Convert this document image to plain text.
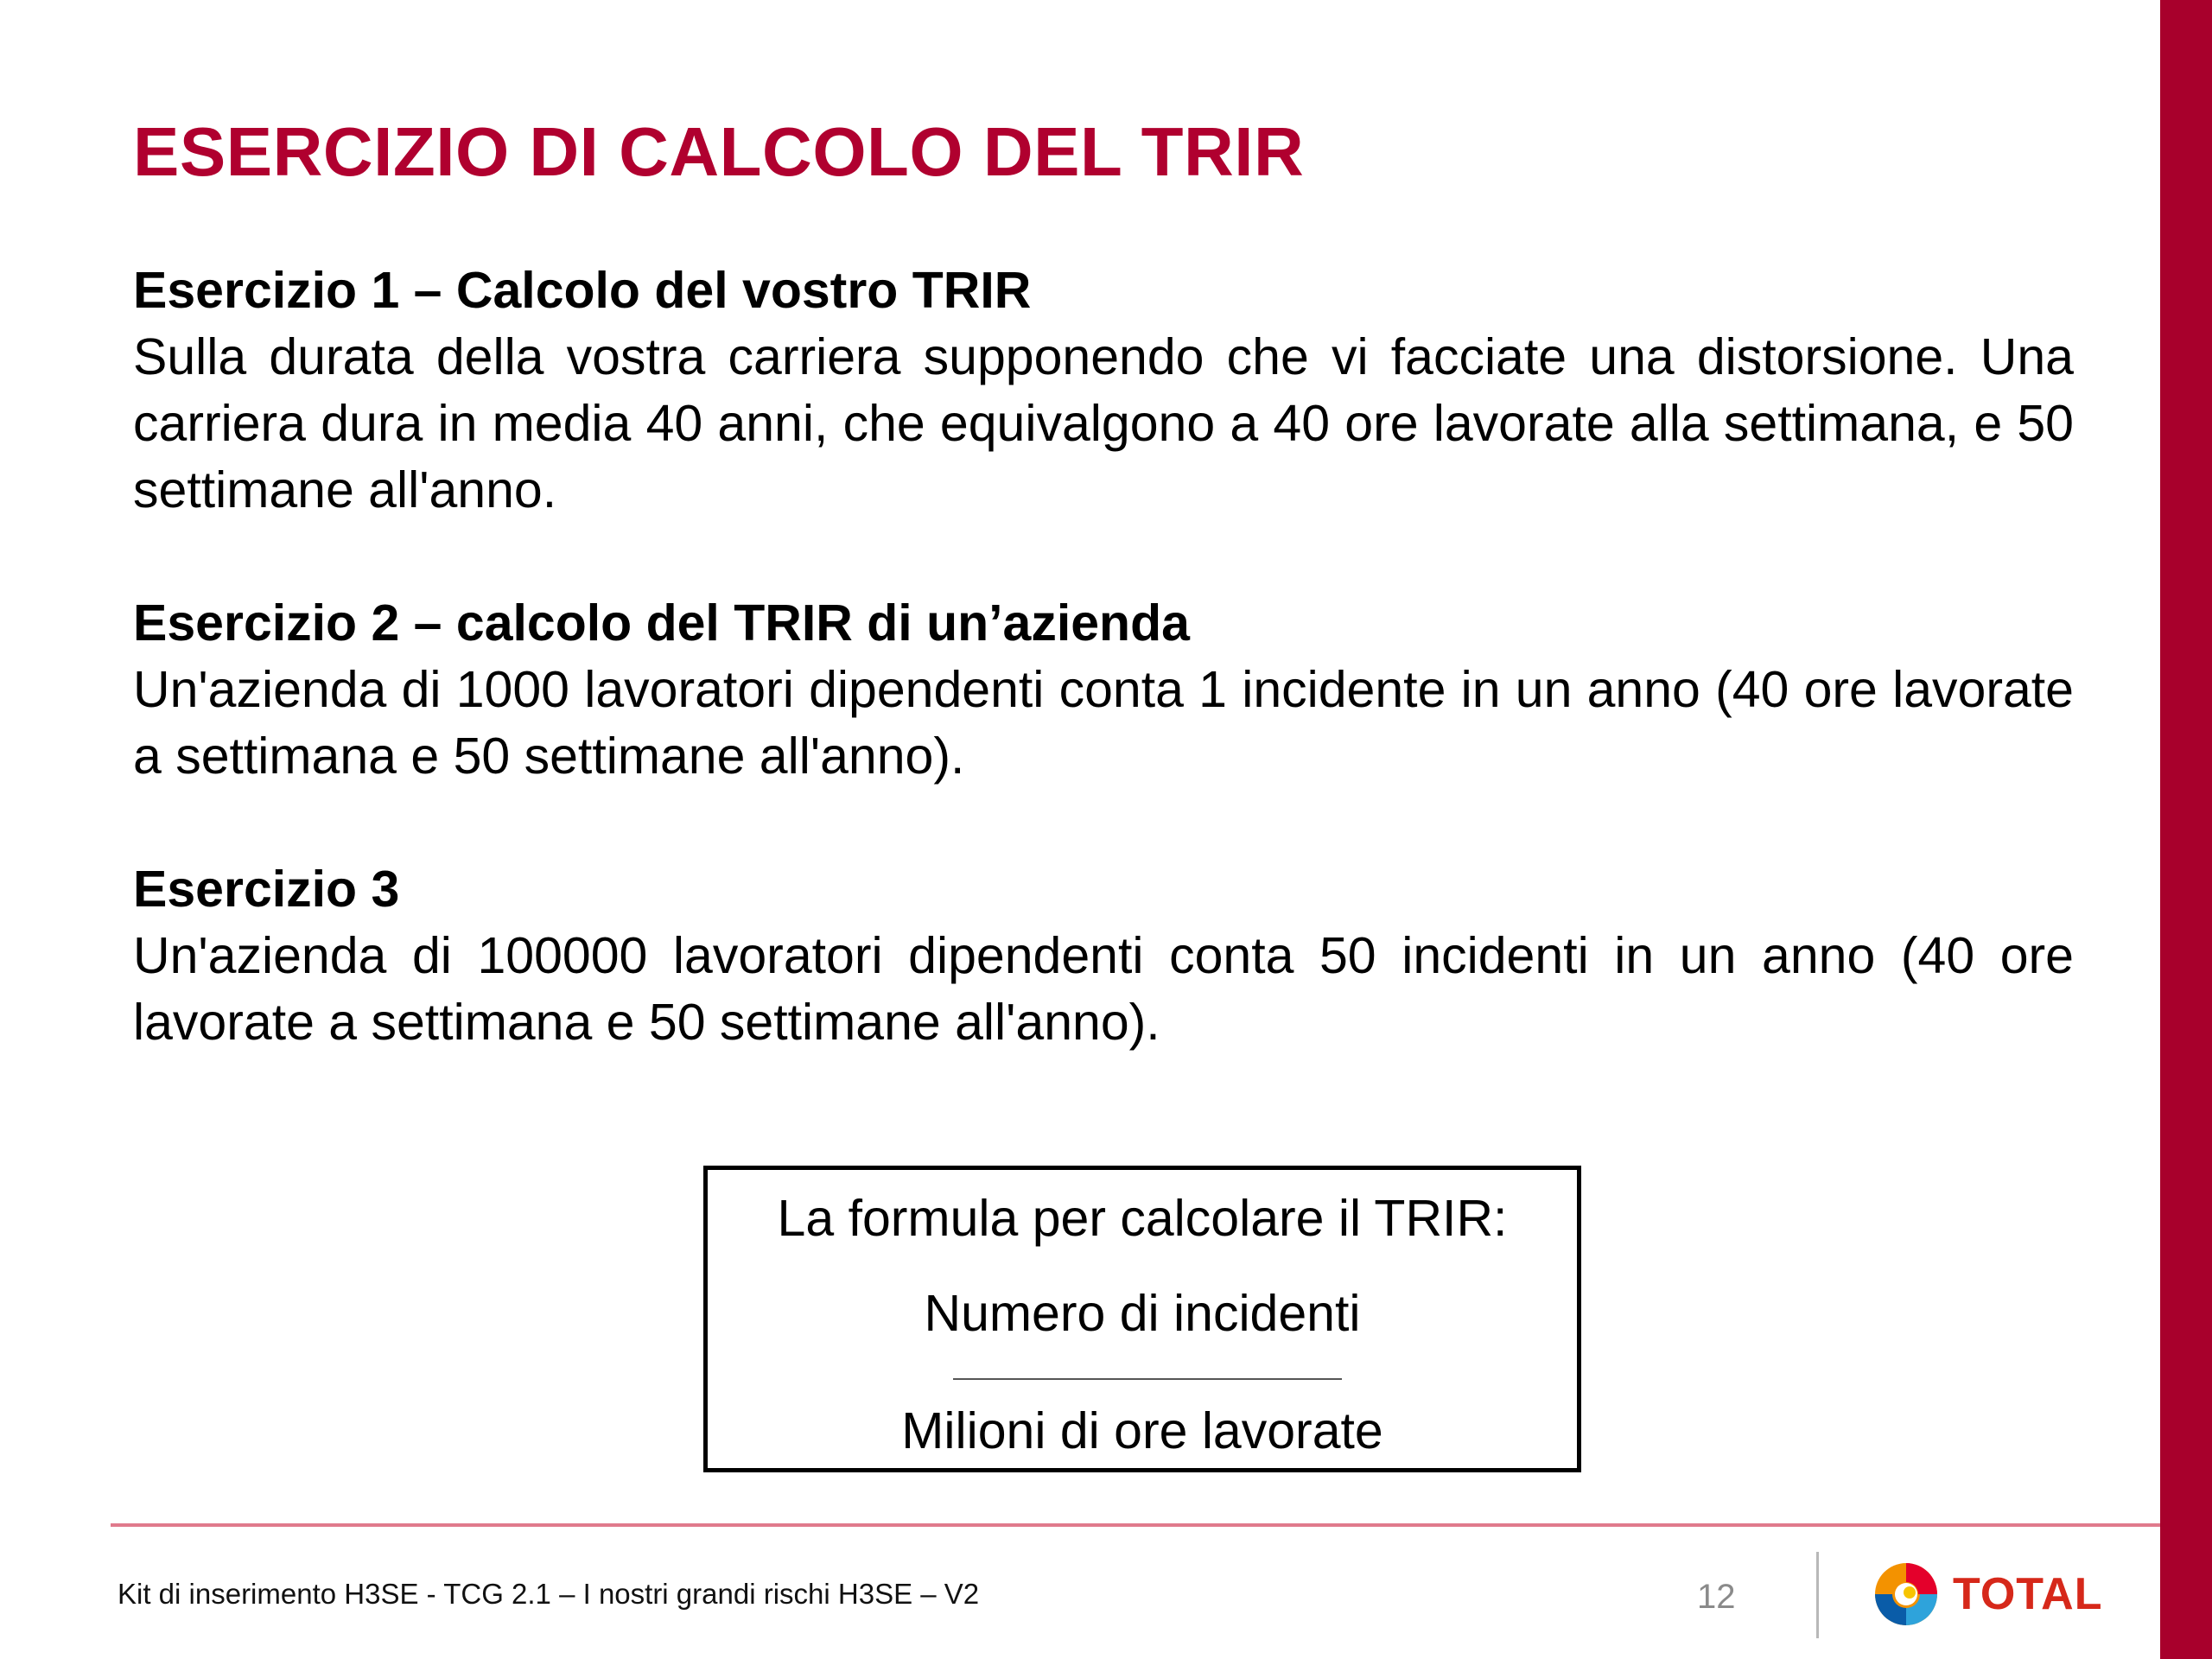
ESERCIZIO DI CALCOLO DEL TRIR
Esercizio 1 – Calcolo del vostro TRIR
Sulla durata della vostra carriera supponendo che vi facciate una distorsione. Una carriera dura in media 40 anni, che equivalgono a 40 ore lavorate alla settimana, e 50 settimane all'anno.
Esercizio 2 – calcolo del TRIR di un’azienda
Un'azienda di 1000 lavoratori dipendenti conta 1 incidente in un anno (40 ore lavorate a settimana e 50 settimane all'anno).
Esercizio 3
Un'azienda di 100000 lavoratori dipendenti conta 50 incidenti in un anno (40 ore lavorate a settimana e 50 settimane all'anno).
La formula per calcolare il TRIR:
Numero di incidenti
Milioni di ore lavorate
Kit di inserimento H3SE - TCG 2.1 – I nostri grandi rischi H3SE – V2	12	TOTAL
